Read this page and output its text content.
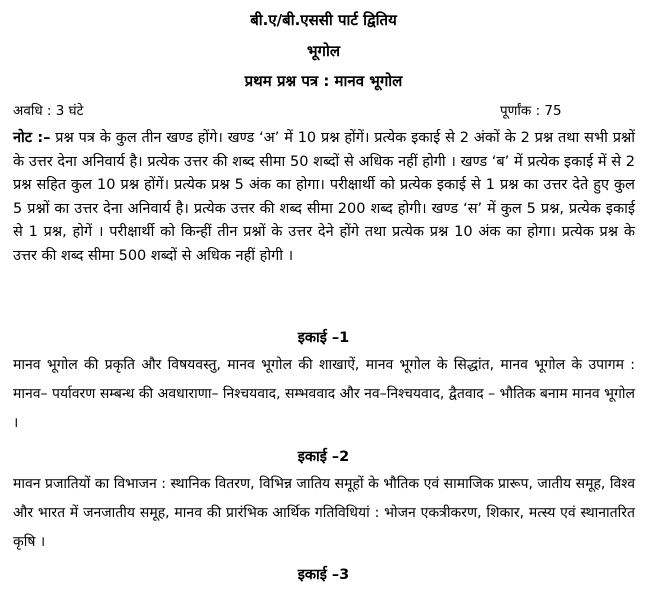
बी.ए/बी.एससी पार्ट द्वितिय
भूगोल
प्रथम प्रश्न पत्र : मानव भूगोल
अवधि : 3 घंटे	पूर्णांक : 75
नोट :– प्रश्न पत्र के कुल तीन खण्ड होंगे। खण्ड ‘अ’ में 10 प्रश्न होंगें। प्रत्येक इकाई से 2 अंकों के 2 प्रश्न तथा सभी प्रश्नों के उत्तर देना अनिवार्य है। प्रत्येक उत्तर की शब्द सीमा 50 शब्दों से अधिक नहीं होगी । खण्ड ‘ब’ में प्रत्येक इकाई में से 2 प्रश्न सहित कुल 10 प्रश्न होंगें। प्रत्येक प्रश्न 5 अंक का होगा। परीक्षार्थी को प्रत्येक इकाई से 1 प्रश्न का उत्तर देते हुए कुल 5 प्रश्नों का उत्तर देना अनिवार्य है। प्रत्येक उत्तर की शब्द सीमा 200 शब्द होगी। खण्ड ‘स’ में कुल 5 प्रश्न, प्रत्येक इकाई से 1 प्रश्न, होगें । परीक्षार्थी को किन्हीं तीन प्रश्नों के उत्तर देने होंगे तथा प्रत्येक प्रश्न 10 अंक का होगा। प्रत्येक प्रश्न के उत्तर की शब्द सीमा 500 शब्दों से अधिक नहीं होगी ।
इकाई –1
मानव भूगोल की प्रकृति और विषयवस्तु, मानव भूगोल की शाखाऐं, मानव भूगोल के सिद्धांत, मानव भूगोल के उपागम : मानव– पर्यावरण सम्बन्ध की अवधाराणा– निश्चयवाद, सम्भववाद और नव–निश्चयवाद, द्वैतवाद – भौतिक बनाम मानव भूगोल ।
इकाई –2
मावन प्रजातियों का विभाजन : स्थानिक वितरण, विभिन्न जातिय समूहों के भौतिक एवं सामाजिक प्रारूप, जातीय समूह, विश्व और भारत में जनजातीय समूह, मानव की प्रारंभिक आर्थिक गतिविधियां : भोजन एकत्रीकरण, शिकार, मत्स्य एवं स्थानातरित कृषि ।
इकाई –3
